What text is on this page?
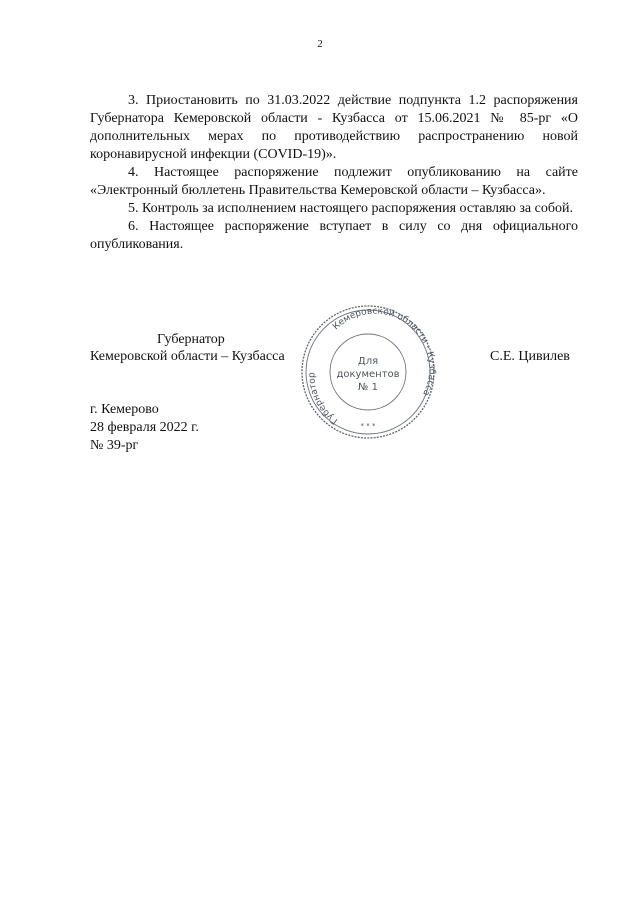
2

3. Приостановить по 31.03.2022 действие подпункта 1.2 распоряжения Губернатора Кемеровской области - Кузбасса от 15.06.2021 № 85-рг «О дополнительных мерах по противодействию распространению новой коронавирусной инфекции (COVID-19)».

4. Настоящее распоряжение подлежит опубликованию на сайте «Электронный бюллетень Правительства Кемеровской области – Кузбасса».

5. Контроль за исполнением настоящего распоряжения оставляю за собой.

6. Настоящее распоряжение вступает в силу со дня официального опубликования.

Губернатор
Кемеровской области – Кузбасса	С.Е. Цивилев
Кемеровской области - Кузбасса
Губернатор
Для
документов
№ 1
* * *
г. Кемерово
28 февраля 2022 г.
№ 39-рг
